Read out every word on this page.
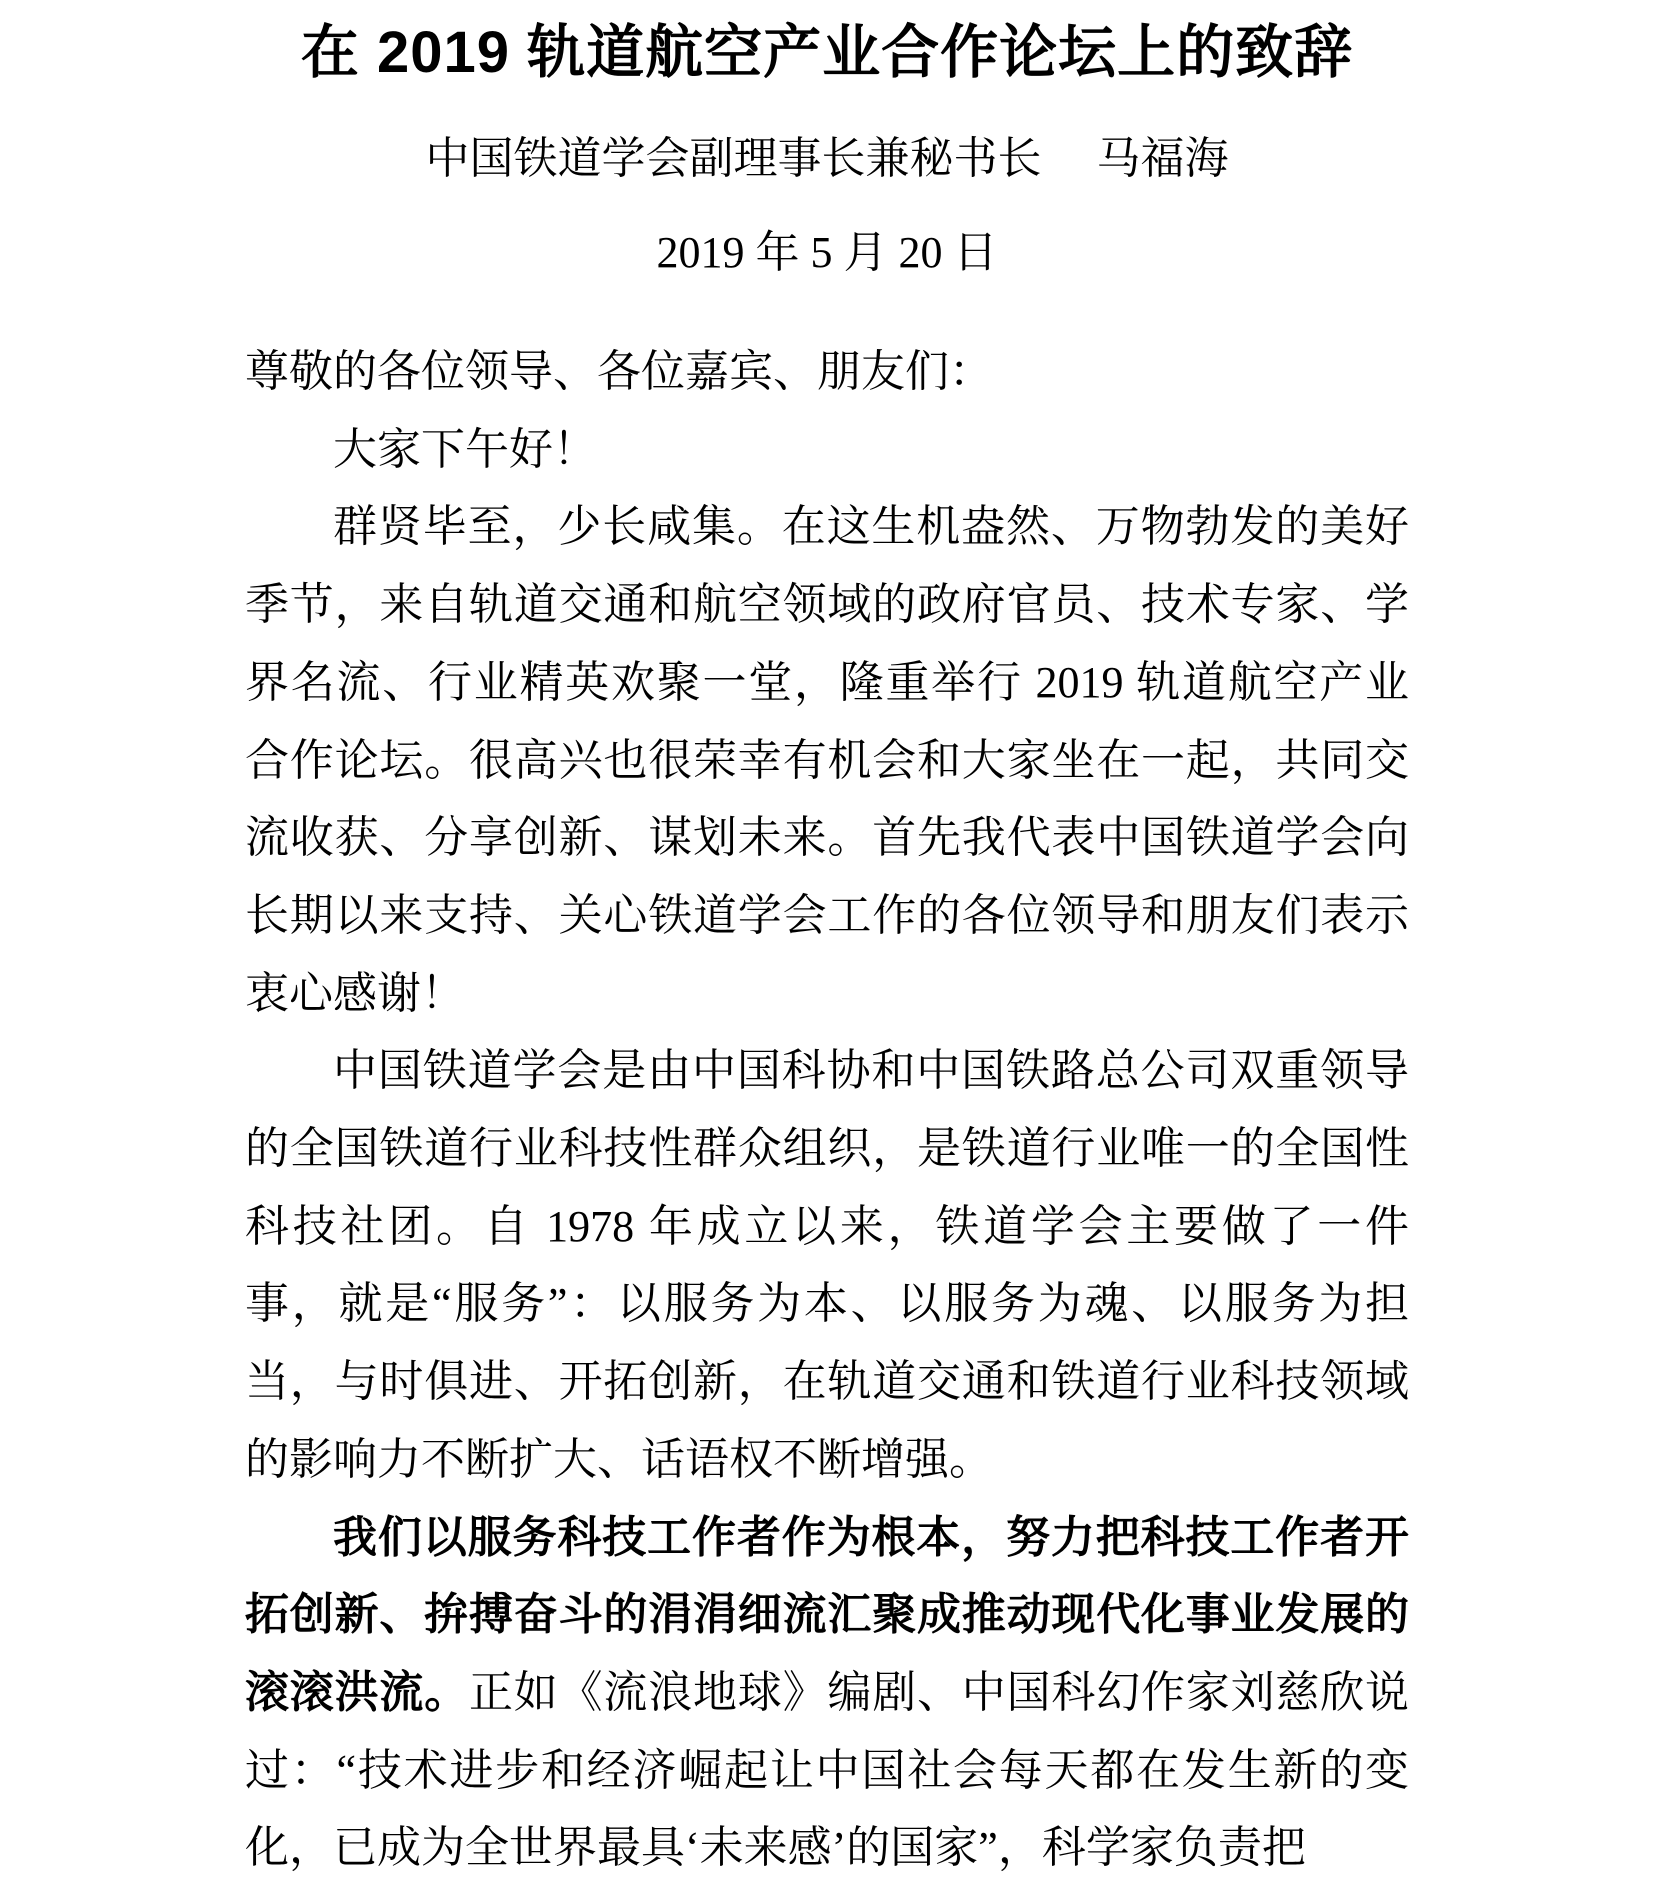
在 2019 轨道航空产业合作论坛上的致辞
中国铁道学会副理事长兼秘书长　 马福海
2019 年 5 月 20 日

尊敬的各位领导、各位嘉宾、朋友们：

大家下午好！

群贤毕至，少长咸集。在这生机盎然、万物勃发的美好季节，来自轨道交通和航空领域的政府官员、技术专家、学界名流、行业精英欢聚一堂，隆重举行 2019 轨道航空产业合作论坛。很高兴也很荣幸有机会和大家坐在一起，共同交流收获、分享创新、谋划未来。首先我代表中国铁道学会向长期以来支持、关心铁道学会工作的各位领导和朋友们表示衷心感谢！

中国铁道学会是由中国科协和中国铁路总公司双重领导的全国铁道行业科技性群众组织，是铁道行业唯一的全国性科技社团。自 1978 年成立以来，铁道学会主要做了一件事，就是“服务”：以服务为本、以服务为魂、以服务为担当，与时俱进、开拓创新，在轨道交通和铁道行业科技领域的影响力不断扩大、话语权不断增强。

我们以服务科技工作者作为根本，努力把科技工作者开拓创新、拚搏奋斗的涓涓细流汇聚成推动现代化事业发展的滚滚洪流。正如《流浪地球》编剧、中国科幻作家刘慈欣说过：“技术进步和经济崛起让中国社会每天都在发生新的变化，已成为全世界最具‘未来感’的国家”，科学家负责把
